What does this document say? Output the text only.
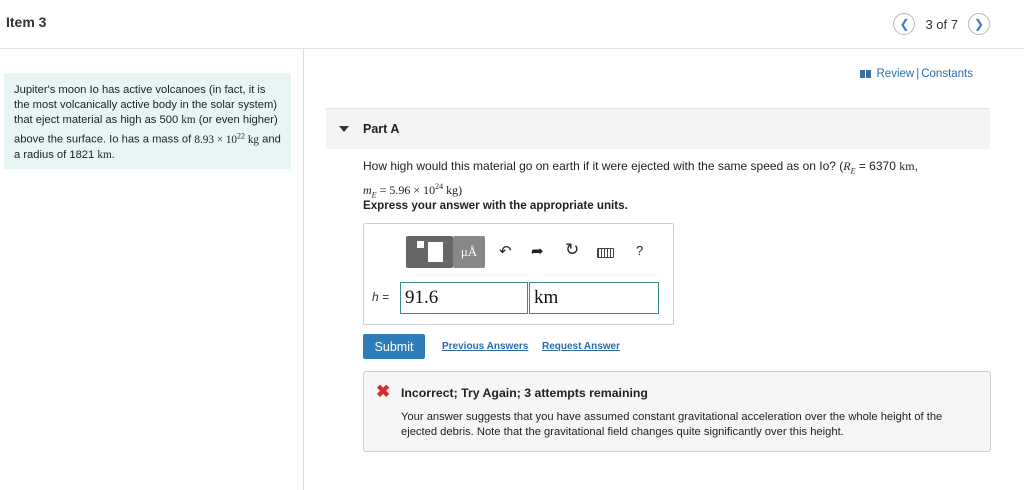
Item 3	❮ 3 of 7 ❯
Jupiter's moon Io has active volcanoes (in fact, it is the most volcanically active body in the solar system) that eject material as high as 500 km (or even higher) above the surface. Io has a mass of $8.93 \times 10^{22}$ kg and a radius of 1821 km.
Review | Constants
Part A
How high would this material go on earth if it were ejected with the same speed as on Io? ($R_E = 6370$ km,
$m_E = 5.96 \times 10^{24}$ kg)
Express your answer with the appropriate units.
μÅ	↶ ➦ ↻	?
h =
91.6
km
Submit	Previous Answers Request Answer
✖ Incorrect; Try Again; 3 attempts remaining
Your answer suggests that you have assumed constant gravitational acceleration over the whole height of the ejected debris. Note that the gravitational field changes quite significantly over this height.
